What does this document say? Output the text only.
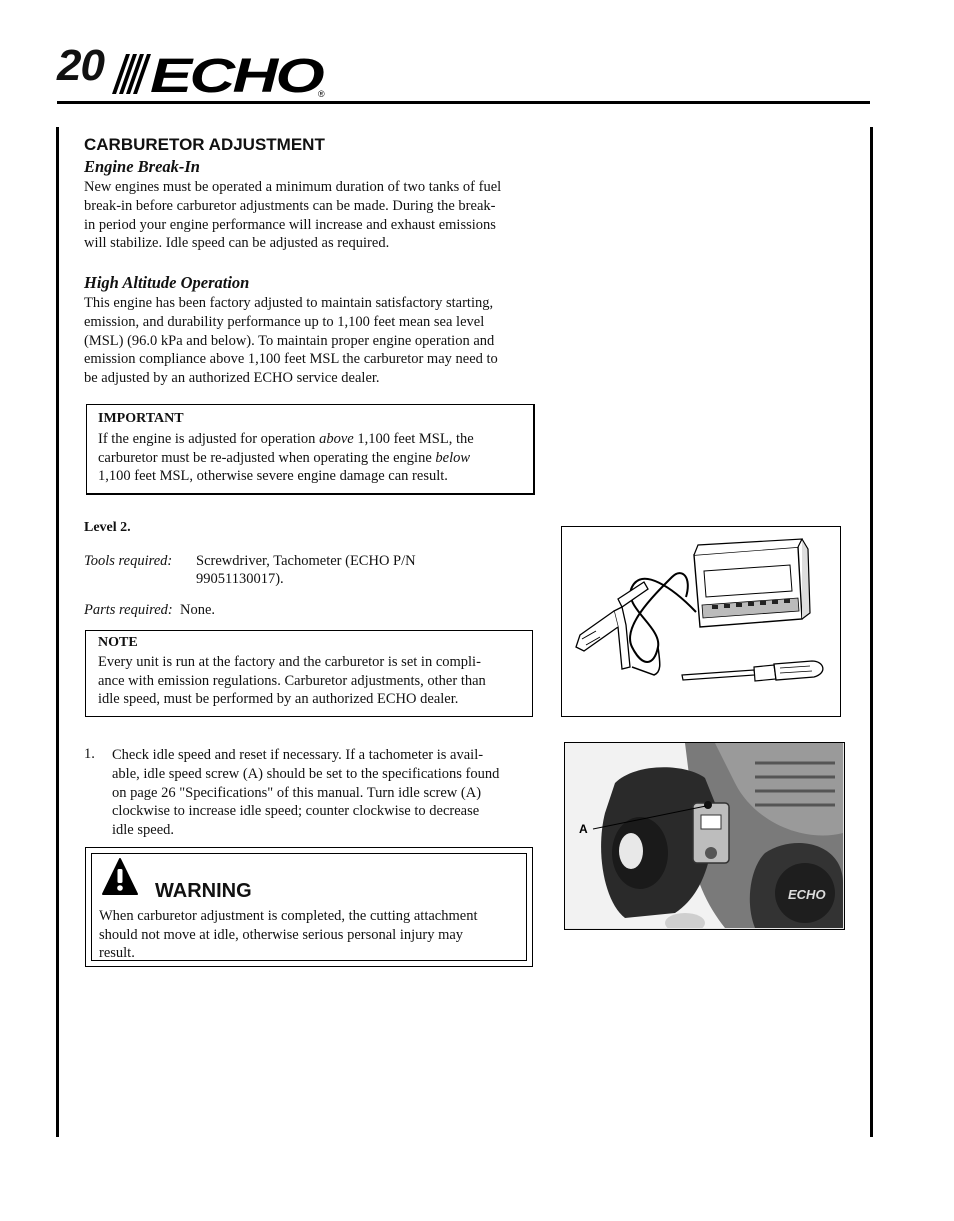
20 ECHO
®
CARBURETOR ADJUSTMENT
Engine Break-In
New engines must be operated a minimum duration of two tanks of fuel
break-in before carburetor adjustments can be made. During the break-
in period your engine performance will increase and exhaust emissions
will stabilize. Idle speed can be adjusted as required.
High Altitude Operation
This engine has been factory adjusted to maintain satisfactory starting,
emission, and durability performance up to 1,100 feet mean sea level
(MSL) (96.0 kPa and below). To maintain proper engine operation and
emission compliance above 1,100 feet MSL the carburetor may need to
be adjusted by an authorized ECHO service dealer.
IMPORTANT
If the engine is adjusted for operation above 1,100 feet MSL, the
carburetor must be re-adjusted when operating the engine below
1,100 feet MSL, otherwise severe engine damage can result.
Level 2.
Tools required: Screwdriver, Tachometer (ECHO P/N
99051130017).
Parts required: None.
NOTE
Every unit is run at the factory and the carburetor is set in compli-
ance with emission regulations. Carburetor adjustments, other than
idle speed, must be performed by an authorized ECHO dealer.
1. Check idle speed and reset if necessary. If a tachometer is avail-
able, idle speed screw (A) should be set to the specifications found
on page 26 "Specifications" of this manual. Turn idle screw (A)
clockwise to increase idle speed; counter clockwise to decrease
idle speed.
WARNING
When carburetor adjustment is completed, the cutting attachment
should not move at idle, otherwise serious personal injury may
result.
ECHO
A
